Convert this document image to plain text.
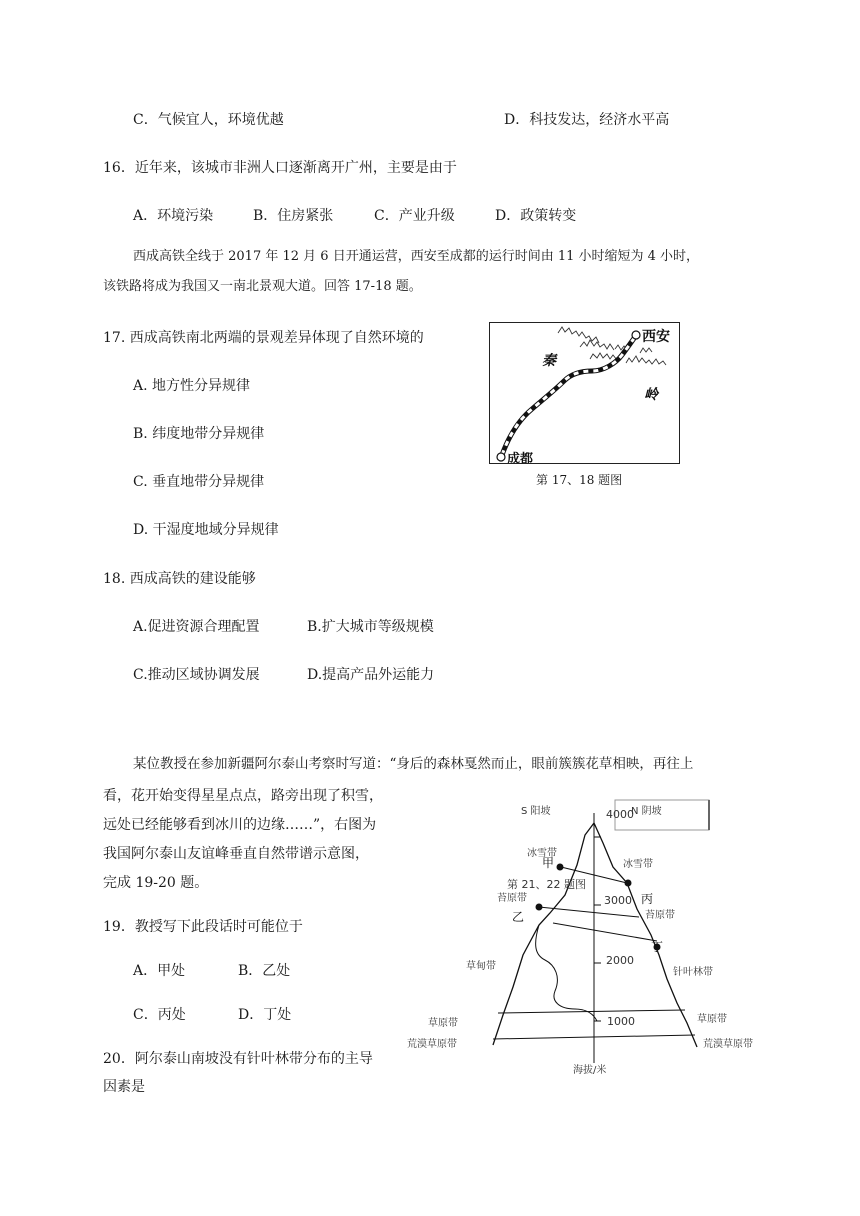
C．气候宜人，环境优越	D．科技发达，经济水平高
16．近年来，该城市非洲人口逐渐离开广州，主要是由于
A．环境污染	B．住房紧张	C．产业升级	D．政策转变
西成高铁全线于 2017 年 12 月 6 日开通运营，西安至成都的运行时间由 11 小时缩短为 4 小时，
该铁路将成为我国又一南北景观大道。回答 17-18 题。
17. 西成高铁南北两端的景观差异体现了自然环境的
A. 地方性分异规律
B. 纬度地带分异规律
C. 垂直地带分异规律
D. 干湿度地域分异规律
西安
成都
秦
岭
第 17、18 题图
18. 西成高铁的建设能够
A.促进资源合理配置	B.扩大城市等级规模
C.推动区域协调发展	D.提高产品外运能力
某位教授在参加新疆阿尔泰山考察时写道：“身后的森林戛然而止，眼前簇簇花草相映，再往上
看，花开始变得星星点点，路旁出现了积雪，
远处已经能够看到冰川的边缘……”，右图为
我国阿尔泰山友谊峰垂直自然带谱示意图，
完成 19-20 题。
19．教授写下此段话时可能位于
A．甲处	B．乙处
C．丙处	D．丁处
20．阿尔泰山南坡没有针叶林带分布的主导
因素是
S 阳坡	N 阴坡
4000
3000
2000
1000
甲
乙
丙
丁
第 21、22 题图
冰雪带
苔原带
草甸带
草原带
荒漠草原带
冰雪带
苔原带
针叶林带
草原带
荒漠草原带
海拔/米
